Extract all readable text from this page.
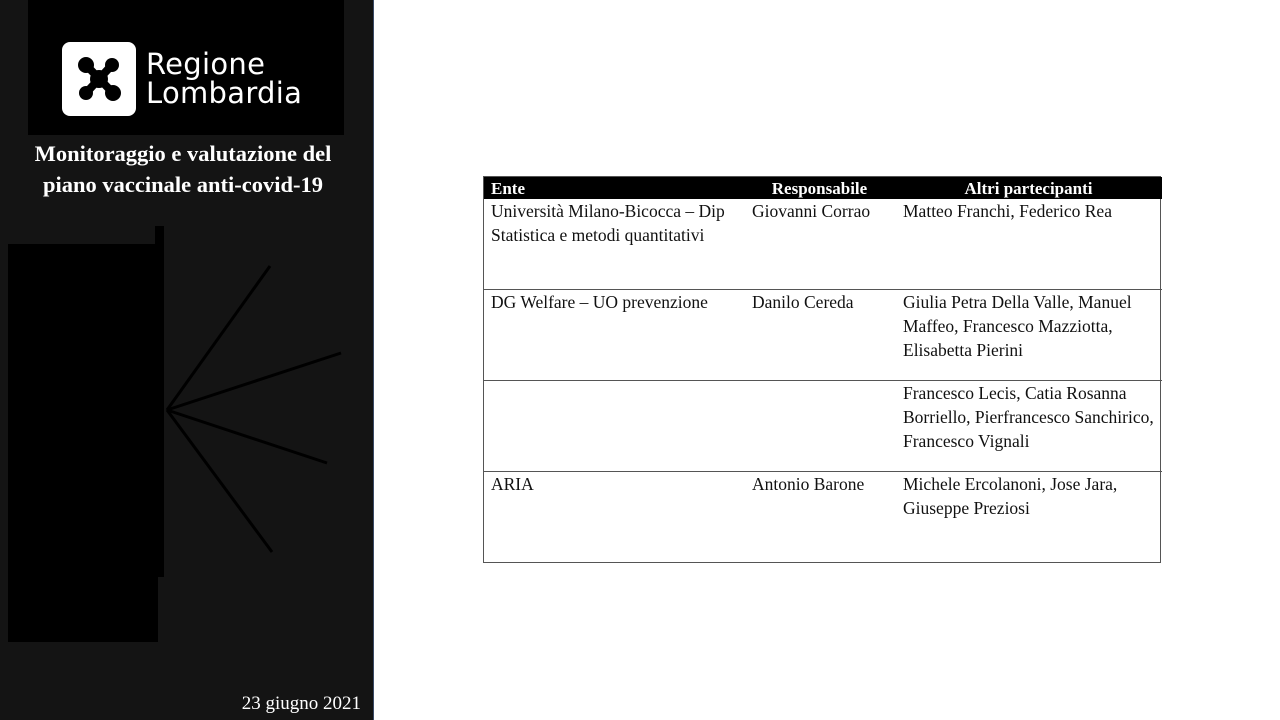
Regione
Lombardia
Monitoraggio e valutazione del
piano vaccinale anti-covid-19
23 giugno 2021
Ente	Responsabile	Altri partecipanti
Università Milano-Bicocca – Dip Statistica e metodi quantitativi	Giovanni Corrao	Matteo Franchi, Federico Rea
DG Welfare – UO prevenzione	Danilo Cereda	Giulia Petra Della Valle, Manuel Maffeo, Francesco Mazziotta, Elisabetta Pierini
		Francesco Lecis, Catia Rosanna Borriello, Pierfrancesco Sanchirico, Francesco Vignali
ARIA	Antonio Barone	Michele Ercolanoni, Jose Jara, Giuseppe Preziosi
